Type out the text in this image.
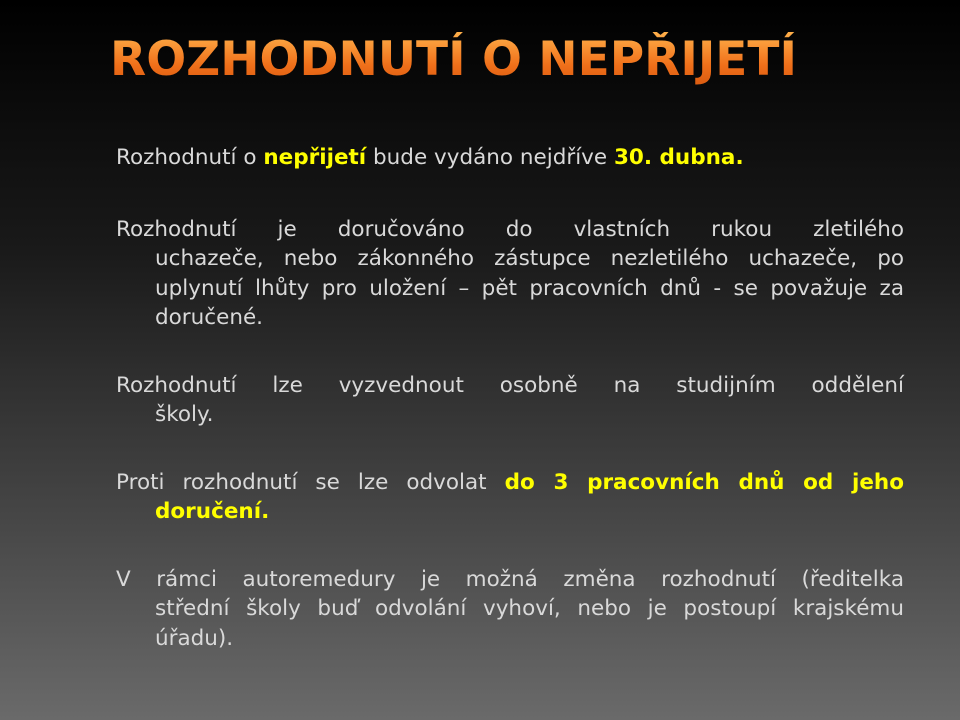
ROZHODNUTÍ O NEPŘIJETÍ
Rozhodnutí o nepřijetí bude vydáno nejdříve 30. dubna.
Rozhodnutí je doručováno do vlastních rukou zletilého
uchazeče, nebo zákonného zástupce nezletilého uchazeče, po uplynutí lhůty pro uložení – pět pracovních dnů - se považuje za doručené.
Rozhodnutí lze vyzvednout osobně na studijním oddělení
školy.
Proti rozhodnutí se lze odvolat do 3 pracovních dnů od jeho
doručení.
V rámci autoremedury je možná změna rozhodnutí (ředitelka
střední školy buď odvolání vyhoví, nebo je postoupí krajskému úřadu).
